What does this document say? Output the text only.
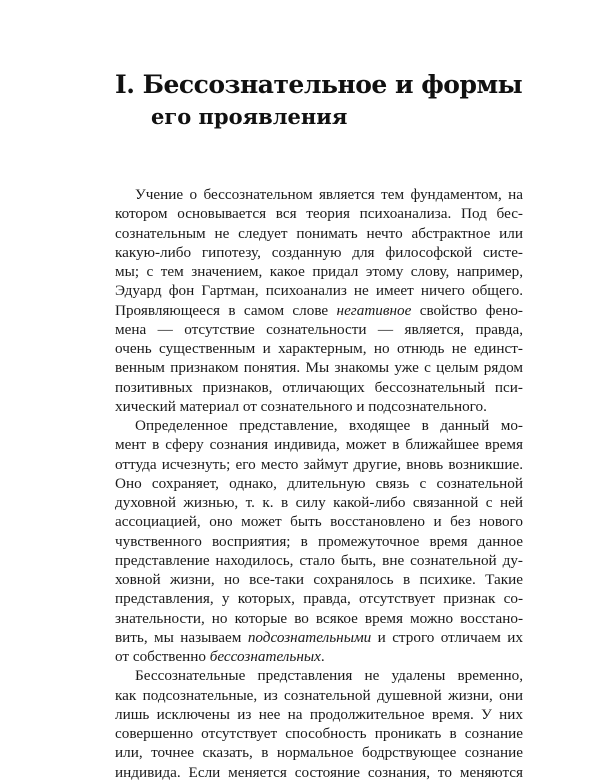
I. Бессознательное и формы
его проявления
Учение о бессознательном является тем фундаментом, на
котором основывается вся теория психоанализа. Под бес-
сознательным не следует понимать нечто абстрактное или
какую-либо гипотезу, созданную для философской систе-
мы; с тем значением, какое придал этому слову, например,
Эдуард фон Гартман, психоанализ не имеет ничего общего.
Проявляющееся в самом слове негативное свойство фено-
мена — отсутствие сознательности — является, правда,
очень существенным и характерным, но отнюдь не единст-
венным признаком понятия. Мы знакомы уже с целым рядом
позитивных признаков, отличающих бессознательный пси-
хический материал от сознательного и подсознательного.
Определенное представление, входящее в данный мо-
мент в сферу сознания индивида, может в ближайшее время
оттуда исчезнуть; его место займут другие, вновь возникшие.
Оно сохраняет, однако, длительную связь с сознательной
духовной жизнью, т. к. в силу какой-либо связанной с ней
ассоциацией, оно может быть восстановлено и без нового
чувственного восприятия; в промежуточное время данное
представление находилось, стало быть, вне сознательной ду-
ховной жизни, но все-таки сохранялось в психике. Такие
представления, у которых, правда, отсутствует признак со-
знательности, но которые во всякое время можно восстано-
вить, мы называем подсознательными и строго отличаем их
от собственно бессознательных.
Бессознательные представления не удалены временно,
как подсознательные, из сознательной душевной жизни, они
лишь исключены из нее на продолжительное время. У них
совершенно отсутствует способность проникать в сознание
или, точнее сказать, в нормальное бодрствующее сознание
индивида. Если меняется состояние сознания, то меняются
